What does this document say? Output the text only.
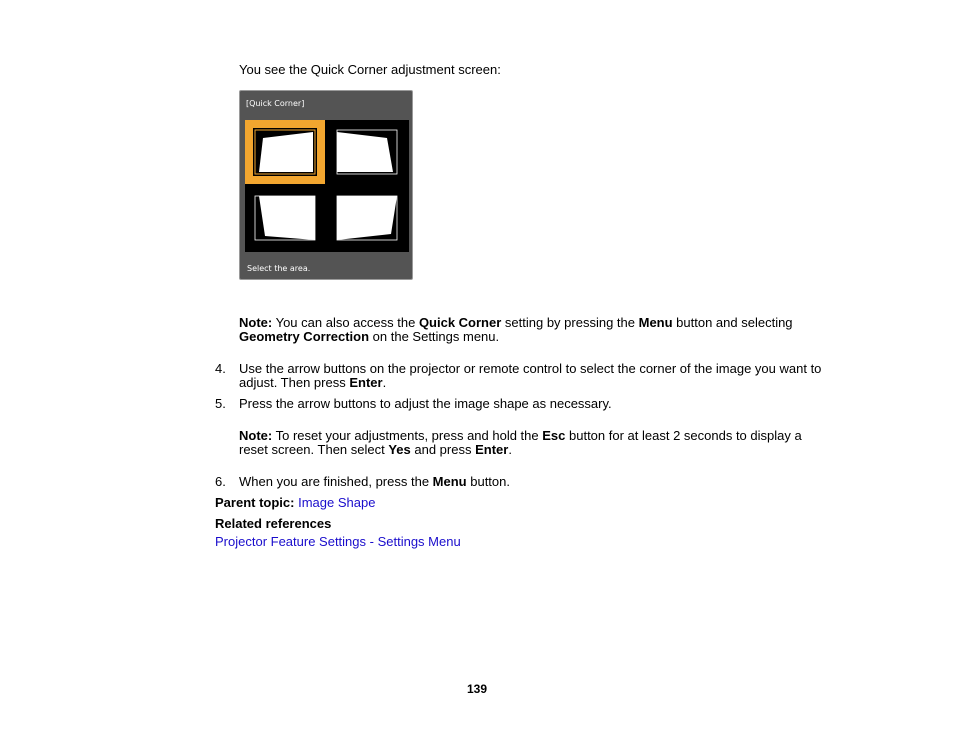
You see the Quick Corner adjustment screen:
[Quick Corner]
Select the area.
Note: You can also access the Quick Corner setting by pressing the Menu button and selecting Geometry Correction on the Settings menu.
4. Use the arrow buttons on the projector or remote control to select the corner of the image you want to adjust. Then press Enter.
5. Press the arrow buttons to adjust the image shape as necessary.
Note: To reset your adjustments, press and hold the Esc button for at least 2 seconds to display a reset screen. Then select Yes and press Enter.
6. When you are finished, press the Menu button.
Parent topic: Image Shape
Related references
Projector Feature Settings - Settings Menu
139
